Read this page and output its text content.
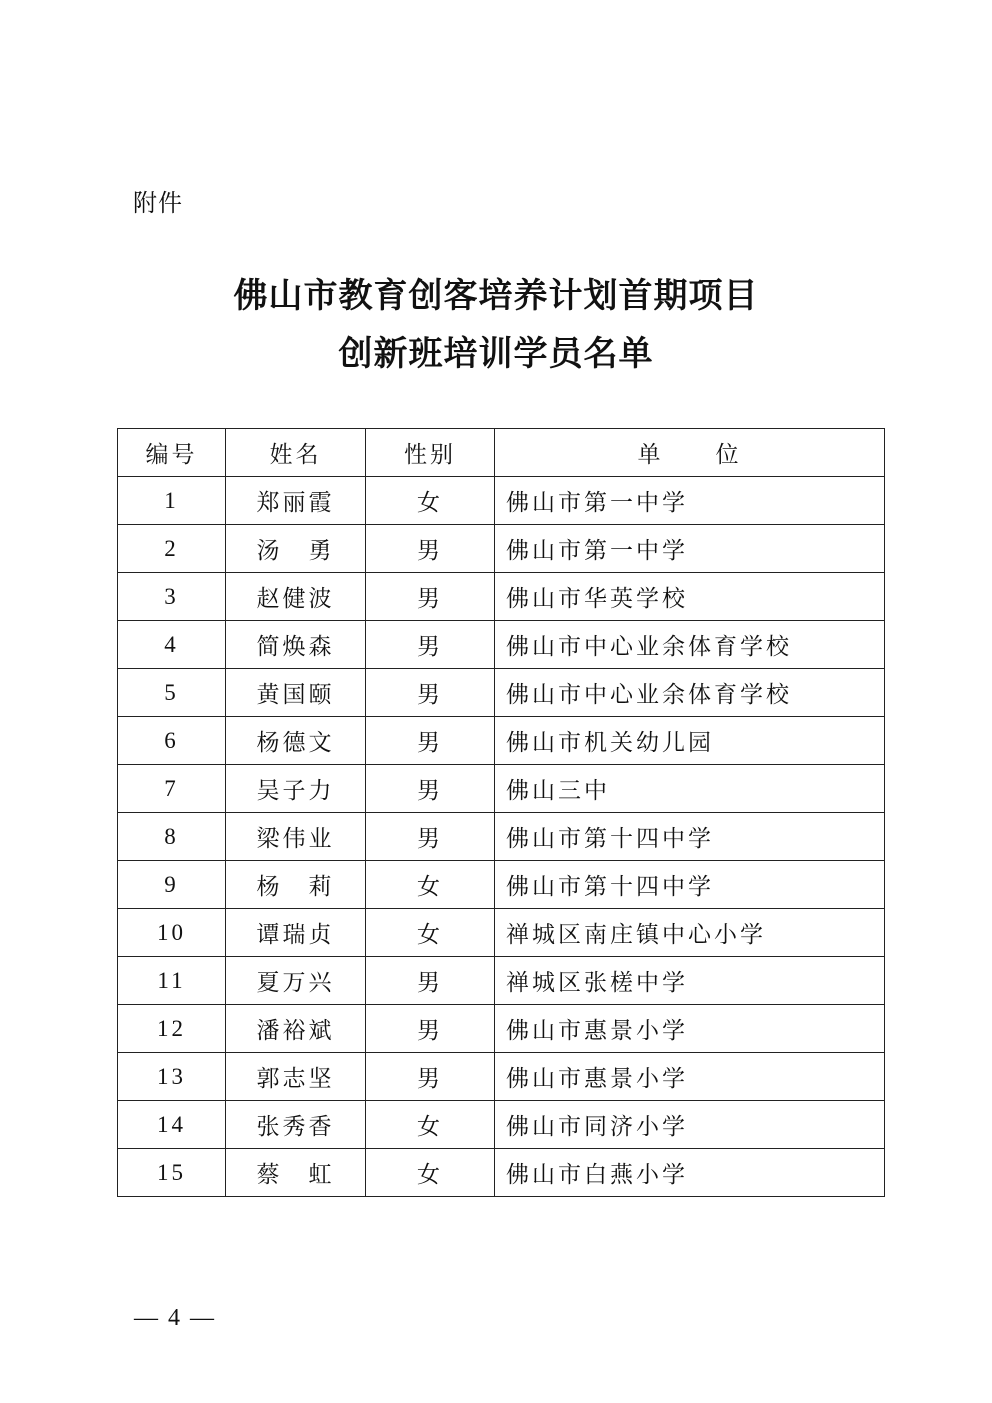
附件
佛山市教育创客培养计划首期项目
创新班培训学员名单
编号	姓名	性别	单　　位
1	郑丽霞	女	佛山市第一中学
2	汤　勇	男	佛山市第一中学
3	赵健波	男	佛山市华英学校
4	简焕森	男	佛山市中心业余体育学校
5	黄国颐	男	佛山市中心业余体育学校
6	杨德文	男	佛山市机关幼儿园
7	吴子力	男	佛山三中
8	梁伟业	男	佛山市第十四中学
9	杨　莉	女	佛山市第十四中学
10	谭瑞贞	女	禅城区南庄镇中心小学
11	夏万兴	男	禅城区张槎中学
12	潘裕斌	男	佛山市惠景小学
13	郭志坚	男	佛山市惠景小学
14	张秀香	女	佛山市同济小学
15	蔡　虹	女	佛山市白燕小学
— 4 —
